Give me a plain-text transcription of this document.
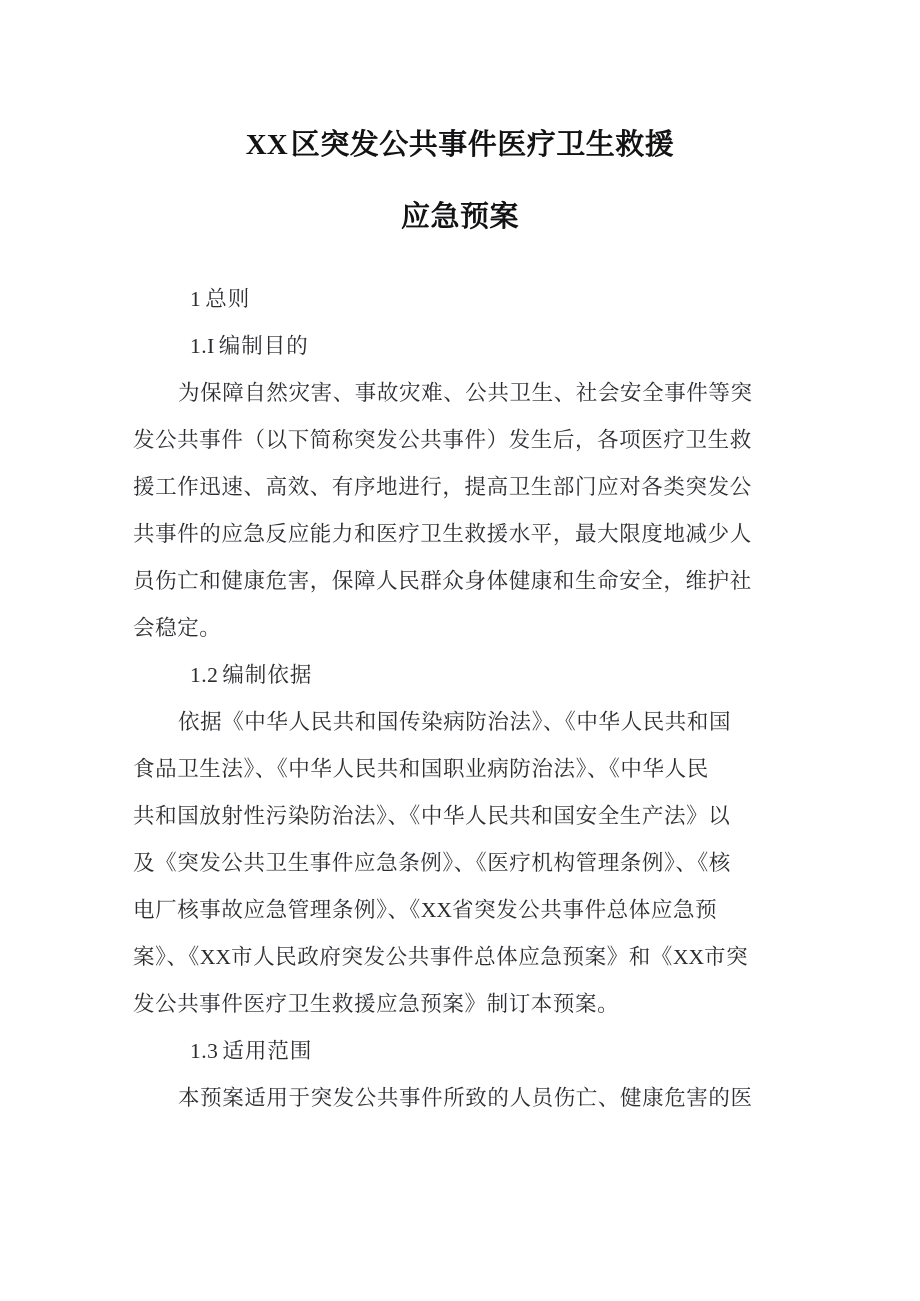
XX 区突发公共事件医疗卫生救援
应急预案
1 总则
1.I 编制目的
为保障自然灾害、事故灾难、公共卫生、社会安全事件等突
发公共事件（以下简称突发公共事件）发生后，各项医疗卫生救
援工作迅速、高效、有序地进行，提高卫生部门应对各类突发公
共事件的应急反应能力和医疗卫生救援水平，最大限度地减少人
员伤亡和健康危害，保障人民群众身体健康和生命安全，维护社
会稳定。
1.2 编制依据
依据《中华人民共和国传染病防治法》、《中华人民共和国
食品卫生法》、《中华人民共和国职业病防治法》、《中华人民
共和国放射性污染防治法》、《中华人民共和国安全生产法》以
及《突发公共卫生事件应急条例》、《医疗机构管理条例》、《核
电厂核事故应急管理条例》、《XX省突发公共事件总体应急预
案》、《XX市人民政府突发公共事件总体应急预案》和《XX市突
发公共事件医疗卫生救援应急预案》制订本预案。
1.3 适用范围
本预案适用于突发公共事件所致的人员伤亡、健康危害的医
